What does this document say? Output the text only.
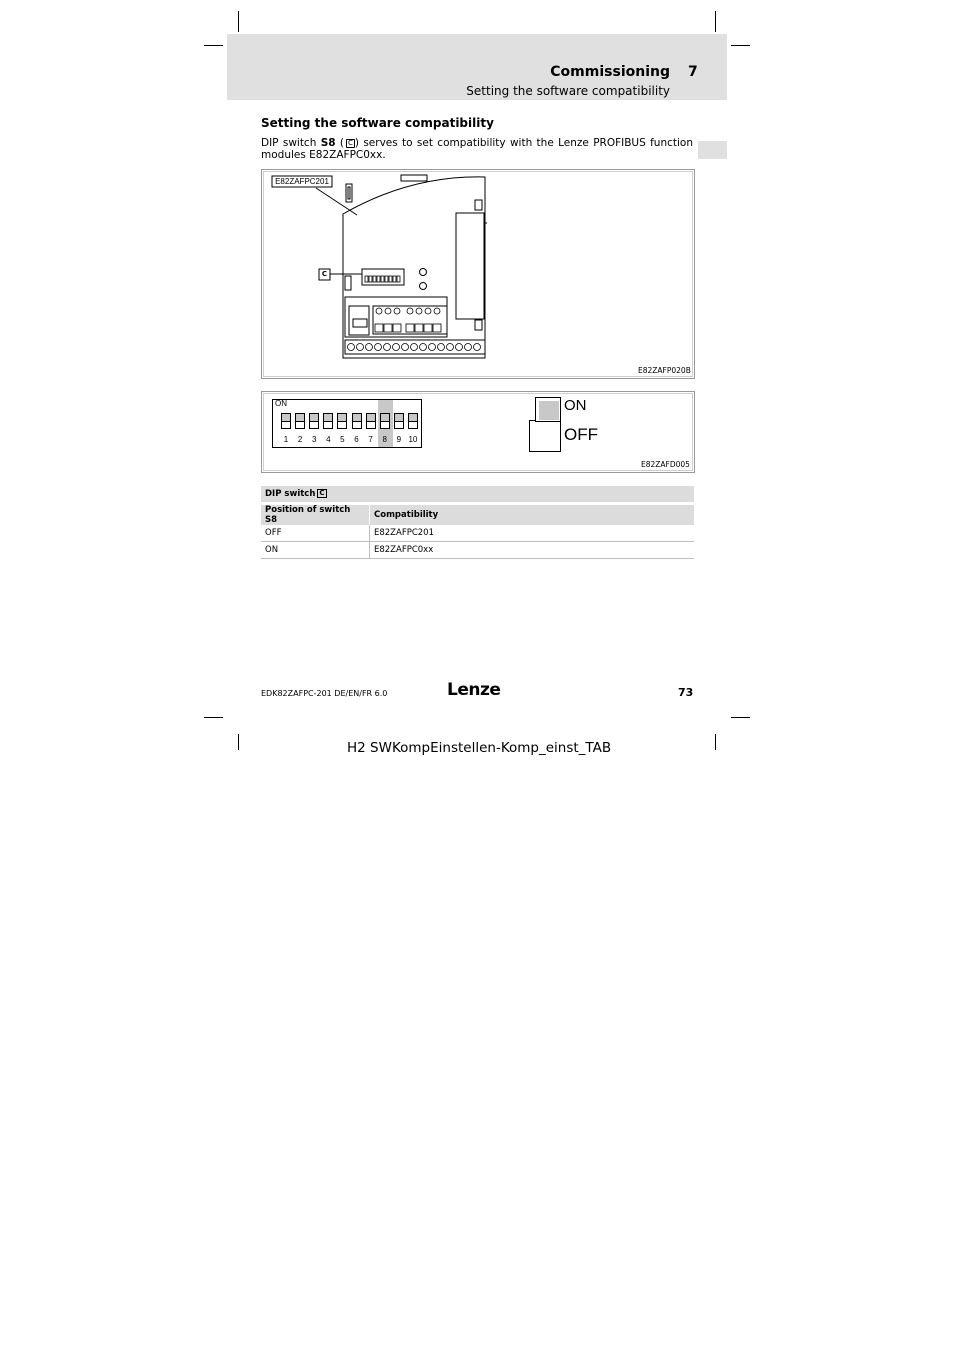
Commissioning 7
Setting the software compatibility
Setting the software compatibility
DIP switch S8 ( C ) serves to set compatibility with the Lenze PROFIBUS function modules E82ZAFPC0xx.
E82ZAFPC201
C
E82ZAFP020B
ON
1	2	3	4	5	6	7	8	9 10
ON
OFF
E82ZAFD005
DIP switch C	
Position of switch S8	Compatibility
OFF	E82ZAFPC201
ON	E82ZAFPC0xx
EDK82ZAFPC-201 DE/EN/FR 6.0	Lenze	73
H2 SWKompEinstellen-Komp_einst_TAB
